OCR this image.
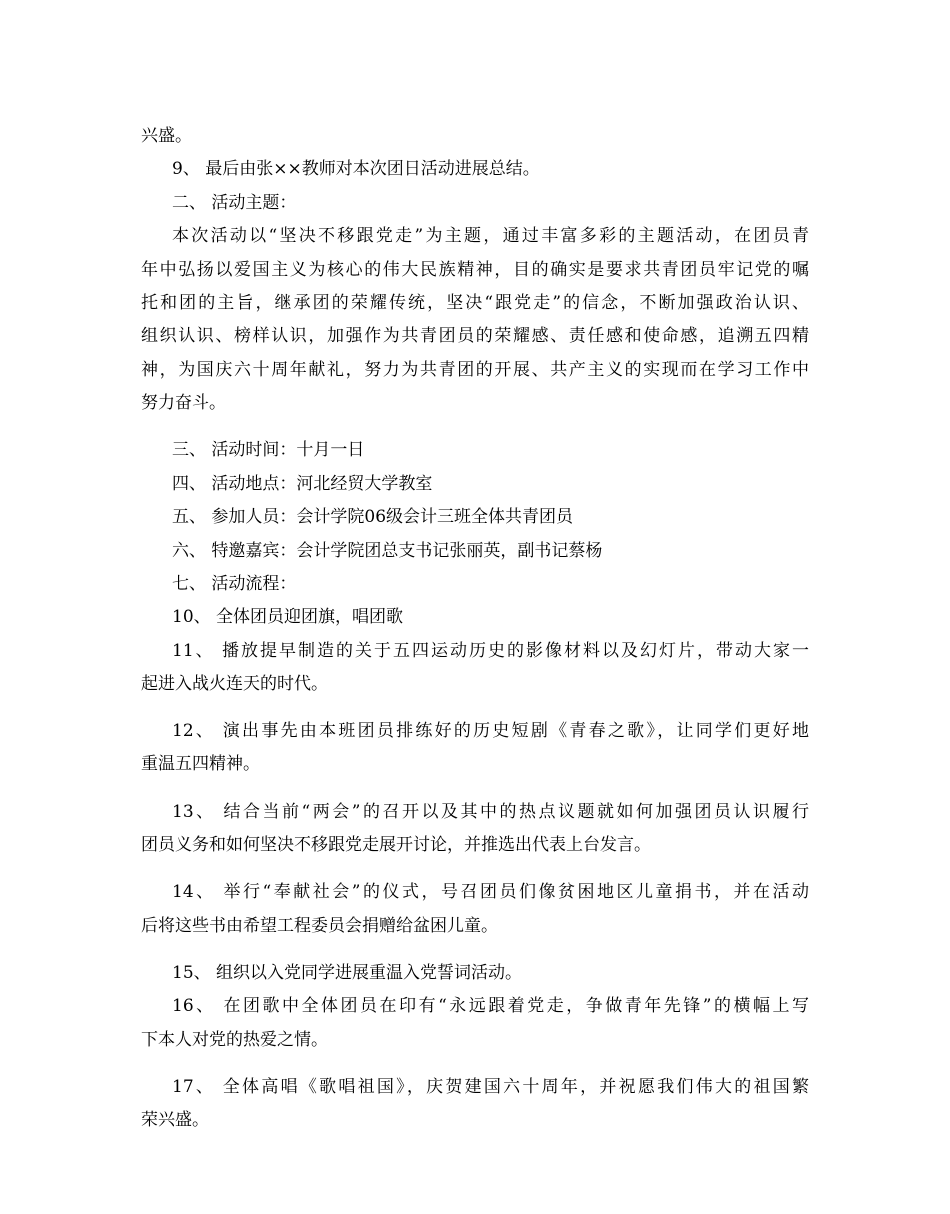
兴盛。
9、 最后由张××教师对本次团日活动进展总结。
二、 活动主题：
本次活动以“坚决不移跟党走”为主题，通过丰富多彩的主题活动，在团员青
年中弘扬以爱国主义为核心的伟大民族精神，目的确实是要求共青团员牢记党的嘱
托和团的主旨，继承团的荣耀传统，坚决“跟党走”的信念，不断加强政治认识、
组织认识、榜样认识，加强作为共青团员的荣耀感、责任感和使命感，追溯五四精
神，为国庆六十周年献礼，努力为共青团的开展、共产主义的实现而在学习工作中
努力奋斗。
三、 活动时间：十月一日
四、 活动地点：河北经贸大学教室
五、 参加人员：会计学院06级会计三班全体共青团员
六、 特邀嘉宾：会计学院团总支书记张丽英，副书记蔡杨
七、 活动流程：
10、 全体团员迎团旗，唱团歌
11、 播放提早制造的关于五四运动历史的影像材料以及幻灯片，带动大家一
起进入战火连天的时代。
12、 演出事先由本班团员排练好的历史短剧《青春之歌》，让同学们更好地
重温五四精神。
13、 结合当前“两会”的召开以及其中的热点议题就如何加强团员认识履行
团员义务和如何坚决不移跟党走展开讨论，并推选出代表上台发言。
14、 举行“奉献社会”的仪式，号召团员们像贫困地区儿童捐书，并在活动
后将这些书由希望工程委员会捐赠给盆困儿童。
15、 组织以入党同学进展重温入党誓词活动。
16、 在团歌中全体团员在印有“永远跟着党走，争做青年先锋”的横幅上写
下本人对党的热爱之情。
17、 全体高唱《歌唱祖国》，庆贺建国六十周年，并祝愿我们伟大的祖国繁
荣兴盛。
